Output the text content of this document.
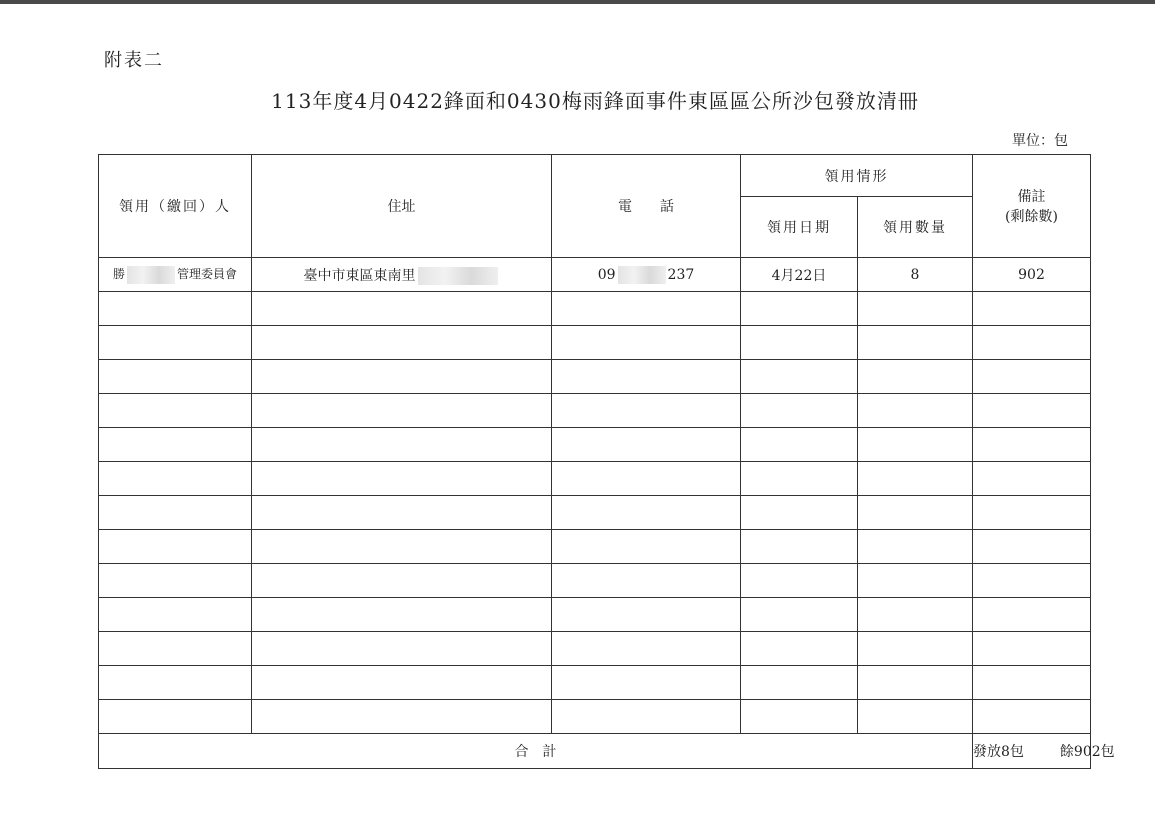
附表二
113年度4月0422鋒面和0430梅雨鋒面事件東區區公所沙包發放清冊
單位：包
領用（繳回）人	住址	電　　話	領用情形		備註
(剩餘數)

			領用日期	領用數量	
勝 管理委員會	臺中市東區東南里	09 237	4月22日	8	902

合　計					發放8包 餘902包
